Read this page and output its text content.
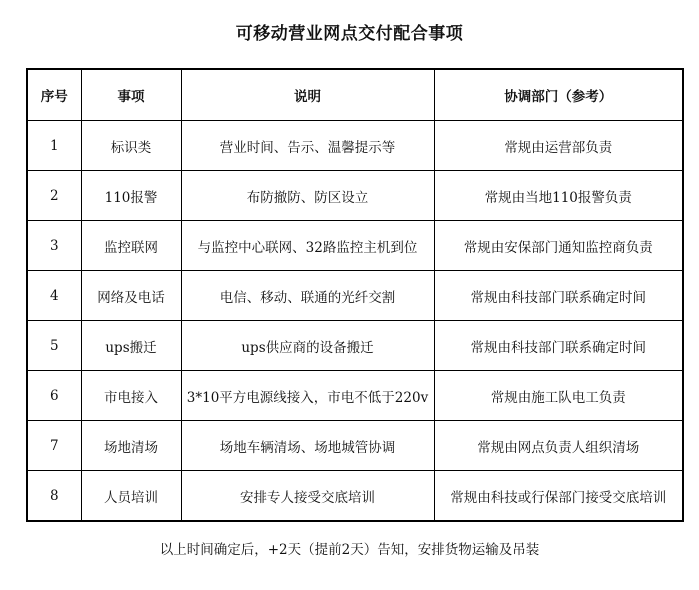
可移动营业网点交付配合事项
序号	事项	说明	协调部门（参考）
1	标识类	营业时间、告示、温馨提示等	常规由运营部负责
2	110报警	布防撤防、防区设立	常规由当地110报警负责
3	监控联网	与监控中心联网、32路监控主机到位	常规由安保部门通知监控商负责
4	网络及电话	电信、移动、联通的光纤交割	常规由科技部门联系确定时间
5	ups搬迁	ups供应商的设备搬迁	常规由科技部门联系确定时间
6	市电接入	3*10平方电源线接入，市电不低于220v	常规由施工队电工负责
7	场地清场	场地车辆清场、场地城管协调	常规由网点负责人组织清场
8	人员培训	安排专人接受交底培训	常规由科技或行保部门接受交底培训
以上时间确定后，+2天（提前2天）告知，安排货物运输及吊装
